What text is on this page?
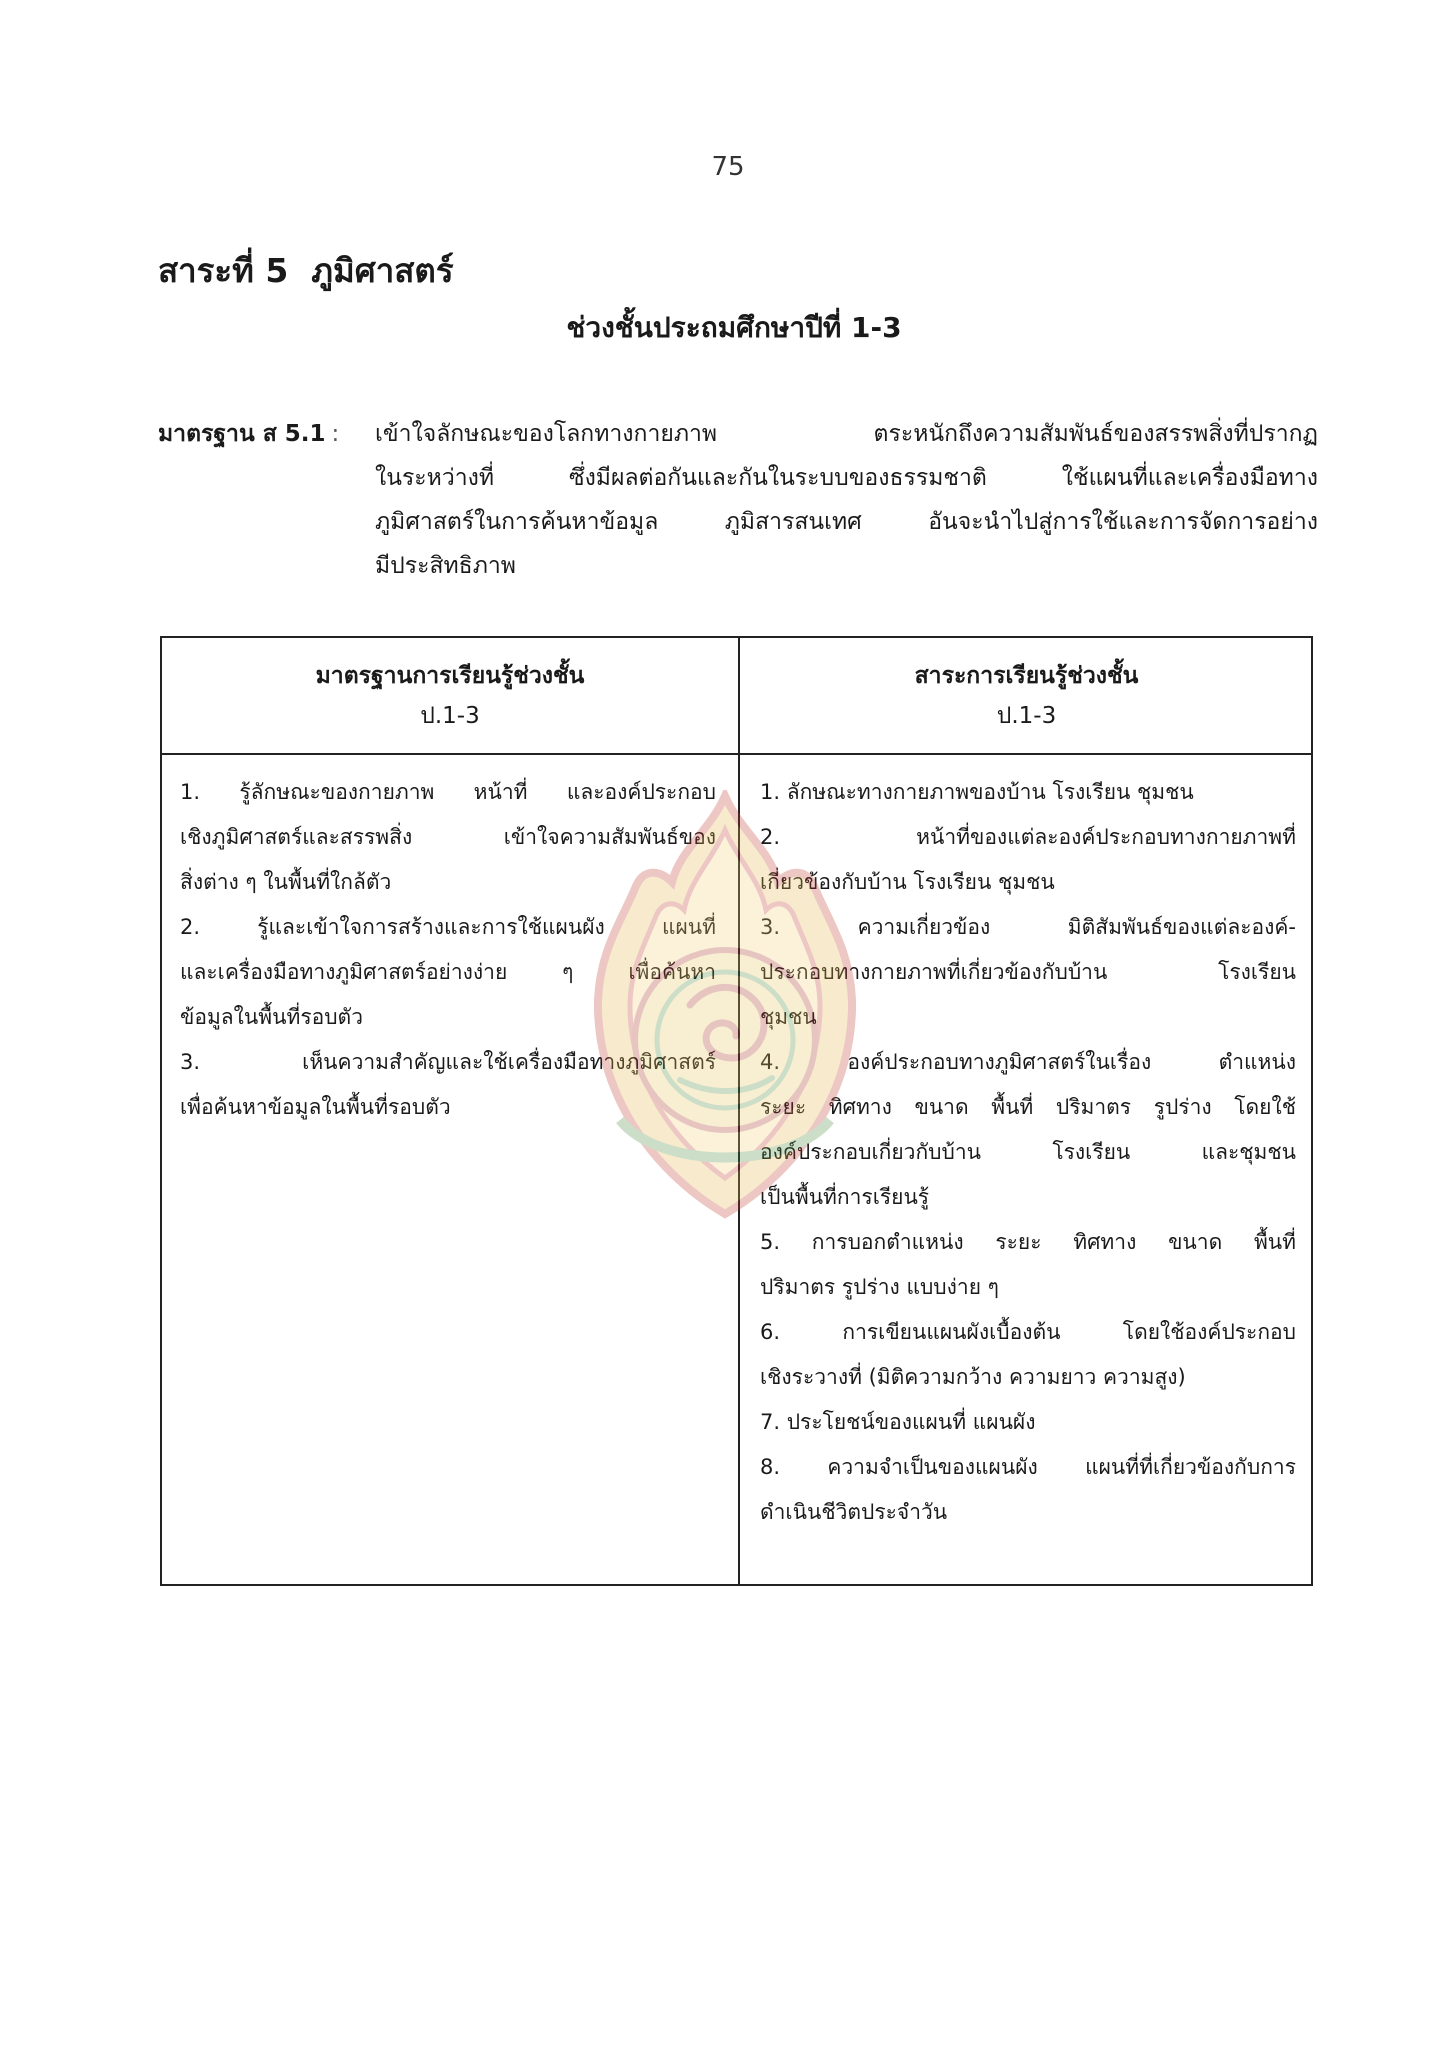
75
สาระที่ 5  ภูมิศาสตร์
ช่วงชั้นประถมศึกษาปีที่ 1-3
มาตรฐาน ส 5.1 : เข้าใจลักษณะของโลกทางกายภาพ ตระหนักถึงความสัมพันธ์ของสรรพสิ่งที่ปรากฏ
ในระหว่างที่ ซึ่งมีผลต่อกันและกันในระบบของธรรมชาติ ใช้แผนที่และเครื่องมือทาง
ภูมิศาสตร์ในการค้นหาข้อมูล ภูมิสารสนเทศ อันจะนำไปสู่การใช้และการจัดการอย่าง
มีประสิทธิภาพ
มาตรฐานการเรียนรู้ช่วงชั้น
ป.1-3
สาระการเรียนรู้ช่วงชั้น
ป.1-3
1. รู้ลักษณะของกายภาพ หน้าที่ และองค์ประกอบ
เชิงภูมิศาสตร์และสรรพสิ่ง เข้าใจความสัมพันธ์ของ
สิ่งต่าง ๆ ในพื้นที่ใกล้ตัว
2. รู้และเข้าใจการสร้างและการใช้แผนผัง แผนที่
และเครื่องมือทางภูมิศาสตร์อย่างง่าย ๆ เพื่อค้นหา
ข้อมูลในพื้นที่รอบตัว
3. เห็นความสำคัญและใช้เครื่องมือทางภูมิศาสตร์
เพื่อค้นหาข้อมูลในพื้นที่รอบตัว
1. ลักษณะทางกายภาพของบ้าน โรงเรียน ชุมชน
2. หน้าที่ของแต่ละองค์ประกอบทางกายภาพที่
เกี่ยวข้องกับบ้าน โรงเรียน ชุมชน
3. ความเกี่ยวข้อง มิติสัมพันธ์ของแต่ละองค์-
ประกอบทางกายภาพที่เกี่ยวข้องกับบ้าน โรงเรียน
ชุมชน
4. องค์ประกอบทางภูมิศาสตร์ในเรื่อง ตำแหน่ง
ระยะ ทิศทาง ขนาด พื้นที่ ปริมาตร รูปร่าง โดยใช้
องค์ประกอบเกี่ยวกับบ้าน โรงเรียน และชุมชน
เป็นพื้นที่การเรียนรู้
5. การบอกตำแหน่ง ระยะ ทิศทาง ขนาด พื้นที่
ปริมาตร รูปร่าง แบบง่าย ๆ
6. การเขียนแผนผังเบื้องต้น โดยใช้องค์ประกอบ
เชิงระวางที่ (มิติความกว้าง ความยาว ความสูง)
7. ประโยชน์ของแผนที่ แผนผัง
8. ความจำเป็นของแผนผัง แผนที่ที่เกี่ยวข้องกับการ
ดำเนินชีวิตประจำวัน
